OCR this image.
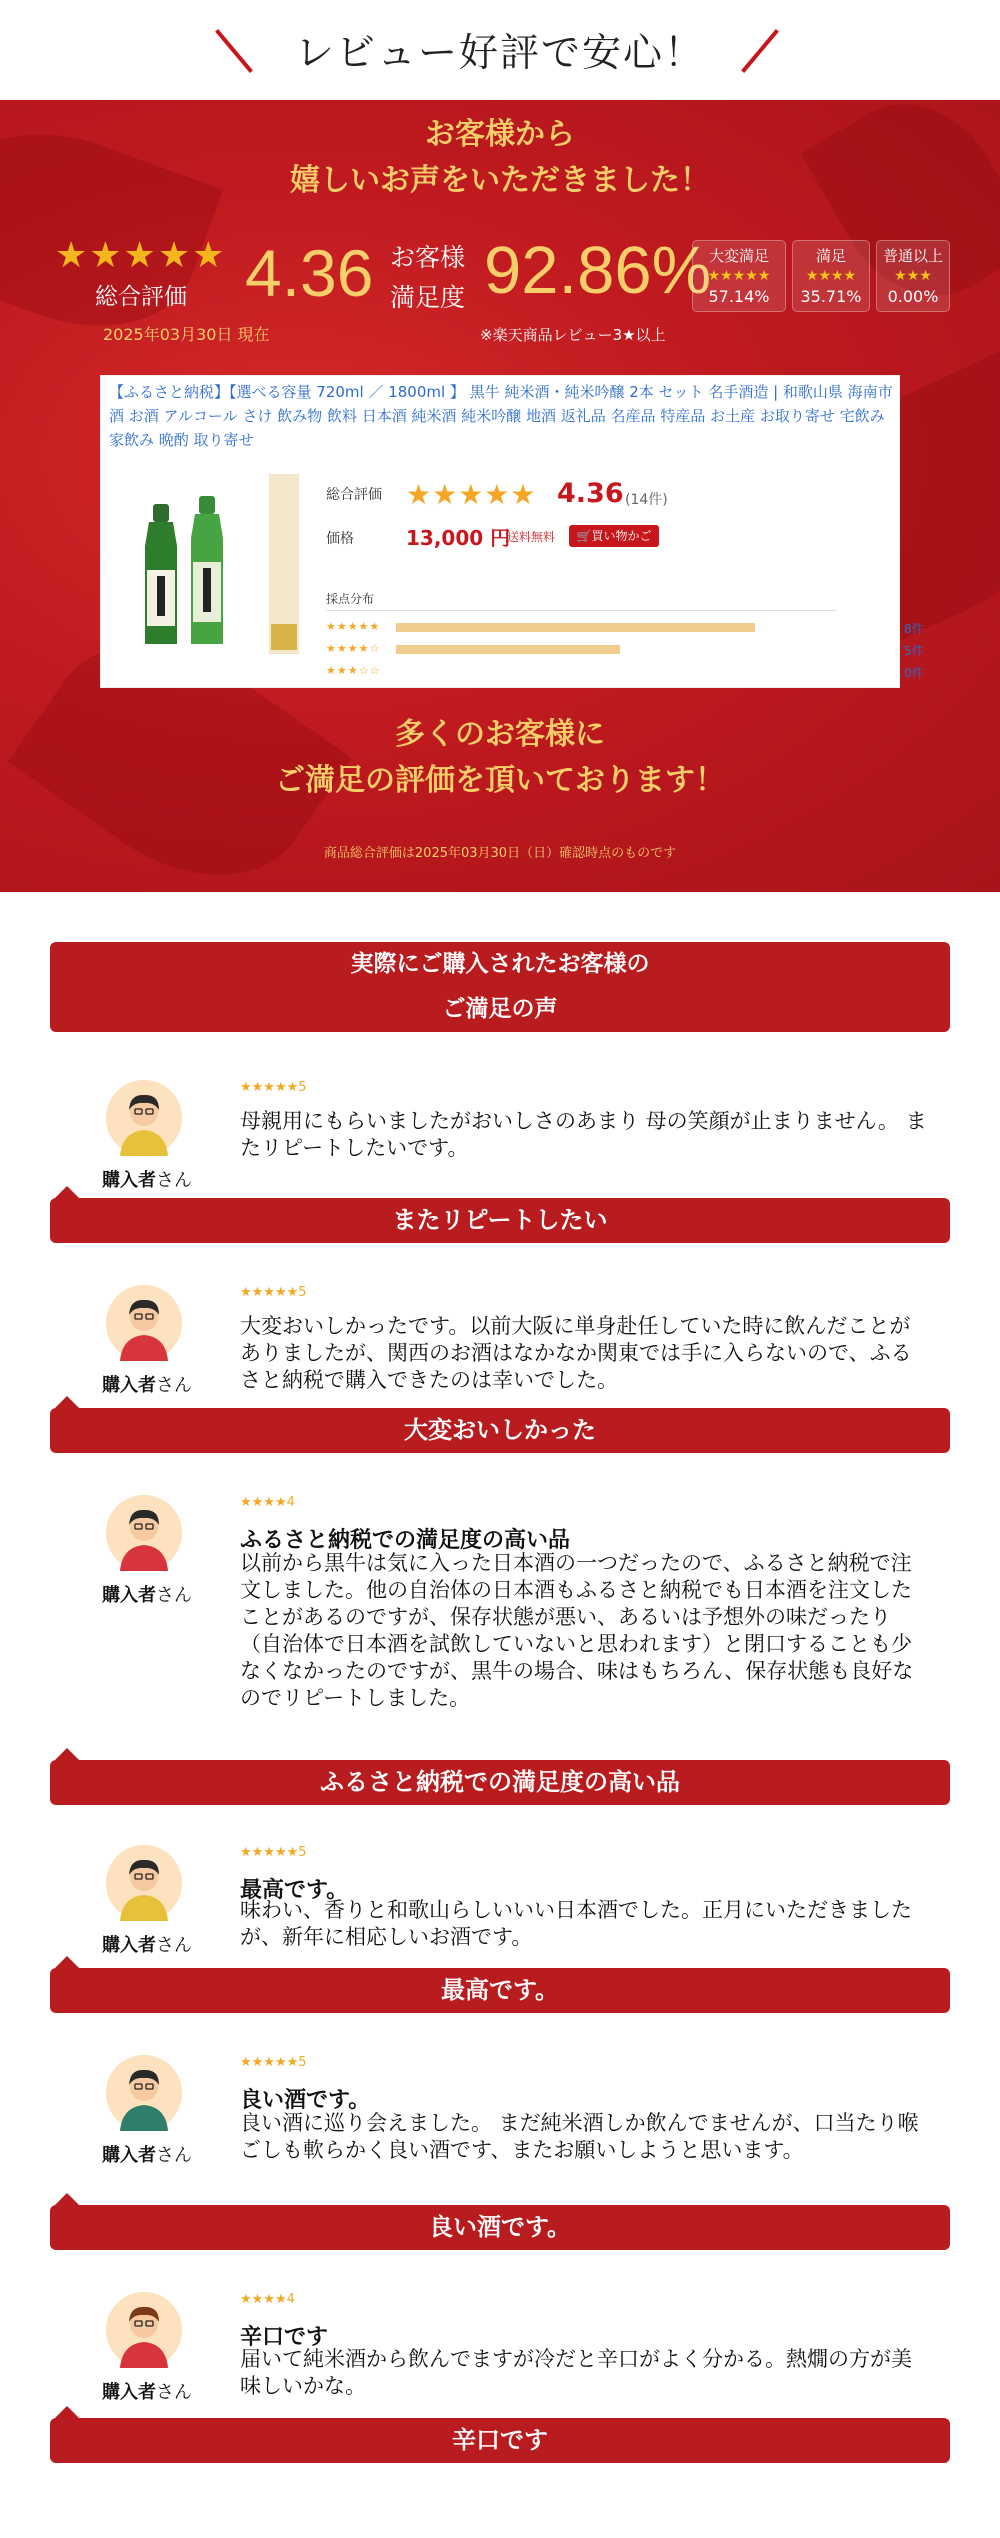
レビュー好評で安心！
お客様から
嬉しいお声をいただきました！
★★★★★
総合評価 4.36 お客様
満足度 92.86%
大変満足
★★★★★
57.14%
満足
★★★★
35.71%
普通以上
★★★
0.00%
2025年03月30日 現在	※楽天商品レビュー3★以上
【ふるさと納税】【選べる容量 720ml ／ 1800ml 】 黒牛 純米酒・純米吟醸 2本 セット 名手酒造 | 和歌山県 海南市 酒 お酒 アルコール さけ 飲み物 飲料 日本酒 純米酒 純米吟醸 地酒 返礼品 名産品 特産品 お土産 お取り寄せ 宅飲み 家飲み 晩酌 取り寄せ
総合評価 ★★★★★ 4.36 (14件)
価格	13,000 円
送料無料	🛒買い物かご
採点分布
★★★★★	8件
★★★★☆	5件
★★★☆☆	0件
多くのお客様に
ご満足の評価を頂いております！
商品総合評価は2025年03月30日（日）確認時点のものです
実際にご購入されたお客様の
ご満足の声
購入者さん
★★★★★5
母親用にもらいましたがおいしさのあまり 母の笑顔が止まりません。 またリピートしたいです。
またリピートしたい
購入者さん
★★★★★5
大変おいしかったです。以前大阪に単身赴任していた時に飲んだことがありましたが、関西のお酒はなかなか関東では手に入らないので、ふるさと納税で購入できたのは幸いでした。
大変おいしかった
購入者さん
★★★★4
ふるさと納税での満足度の高い品
以前から黒牛は気に入った日本酒の一つだったので、ふるさと納税で注文しました。他の自治体の日本酒もふるさと納税でも日本酒を注文したことがあるのですが、保存状態が悪い、あるいは予想外の味だったり（自治体で日本酒を試飲していないと思われます）と閉口することも少なくなかったのですが、黒牛の場合、味はもちろん、保存状態も良好なのでリピートしました。
ふるさと納税での満足度の高い品
購入者さん
★★★★★5
最高です。
味わい、香りと和歌山らしいいい日本酒でした。正月にいただきましたが、新年に相応しいお酒です。
最高です。
購入者さん
★★★★★5
良い酒です。
良い酒に巡り会えました。 まだ純米酒しか飲んでませんが、口当たり喉ごしも軟らかく良い酒です、またお願いしようと思います。
良い酒です。
購入者さん
★★★★4
辛口です
届いて純米酒から飲んでますが冷だと辛口がよく分かる。熱燗の方が美味しいかな。
辛口です
